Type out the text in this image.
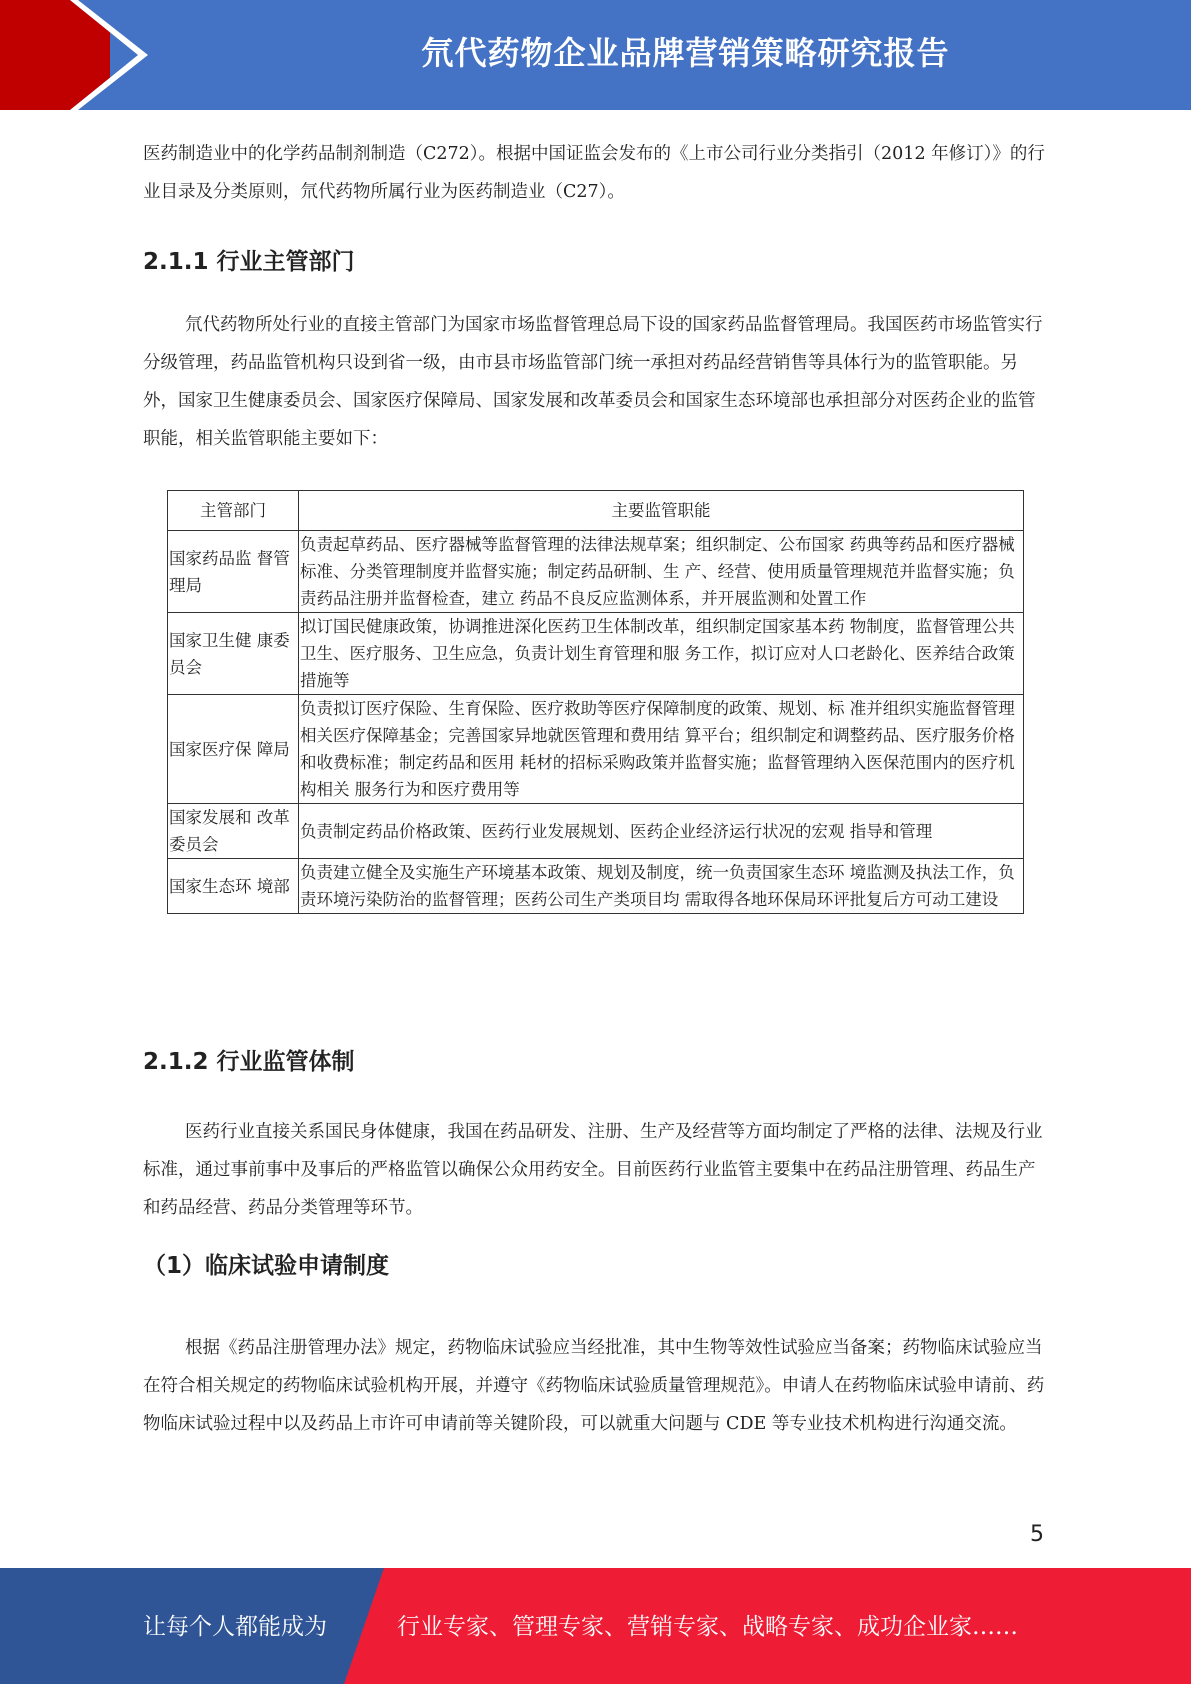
氘代药物企业品牌营销策略研究报告

医药制造业中的化学药品制剂制造（C272）。根据中国证监会发布的《上市公司行业分类指引（2012 年修订）》的行业目录及分类原则，氘代药物所属行业为医药制造业（C27）。

2.1.1 行业主管部门

氘代药物所处行业的直接主管部门为国家市场监督管理总局下设的国家药品监督管理局。我国医药市场监管实行分级管理，药品监管机构只设到省一级，由市县市场监管部门统一承担对药品经营销售等具体行为的监管职能。另外，国家卫生健康委员会、国家医疗保障局、国家发展和改革委员会和国家生态环境部也承担部分对医药企业的监管职能，相关监管职能主要如下：

主管部门	主要监管职能
国家药品监 督管理局	负责起草药品、医疗器械等监督管理的法律法规草案；组织制定、公布国家 药典等药品和医疗器械标准、分类管理制度并监督实施；制定药品研制、生 产、经营、使用质量管理规范并监督实施；负责药品注册并监督检查，建立 药品不良反应监测体系，并开展监测和处置工作
国家卫生健 康委员会	拟订国民健康政策，协调推进深化医药卫生体制改革，组织制定国家基本药 物制度，监督管理公共卫生、医疗服务、卫生应急，负责计划生育管理和服 务工作，拟订应对人口老龄化、医养结合政策措施等
国家医疗保 障局	负责拟订医疗保险、生育保险、医疗救助等医疗保障制度的政策、规划、标 准并组织实施监督管理相关医疗保障基金；完善国家异地就医管理和费用结 算平台；组织制定和调整药品、医疗服务价格和收费标准；制定药品和医用 耗材的招标采购政策并监督实施；监督管理纳入医保范围内的医疗机构相关 服务行为和医疗费用等
国家发展和 改革委员会	负责制定药品价格政策、医药行业发展规划、医药企业经济运行状况的宏观 指导和管理
国家生态环 境部	负责建立健全及实施生产环境基本政策、规划及制度，统一负责国家生态环 境监测及执法工作，负责环境污染防治的监督管理；医药公司生产类项目均 需取得各地环保局环评批复后方可动工建设
2.1.2 行业监管体制

医药行业直接关系国民身体健康，我国在药品研发、注册、生产及经营等方面均制定了严格的法律、法规及行业标准，通过事前事中及事后的严格监管以确保公众用药安全。目前医药行业监管主要集中在药品注册管理、药品生产和药品经营、药品分类管理等环节。

（1）临床试验申请制度

根据《药品注册管理办法》规定，药物临床试验应当经批准，其中生物等效性试验应当备案；药物临床试验应当在符合相关规定的药物临床试验机构开展，并遵守《药物临床试验质量管理规范》。申请人在药物临床试验申请前、药物临床试验过程中以及药品上市许可申请前等关键阶段，可以就重大问题与 CDE 等专业技术机构进行沟通交流。

5
让每个人都能成为	行业专家、管理专家、营销专家、战略专家、成功企业家……
